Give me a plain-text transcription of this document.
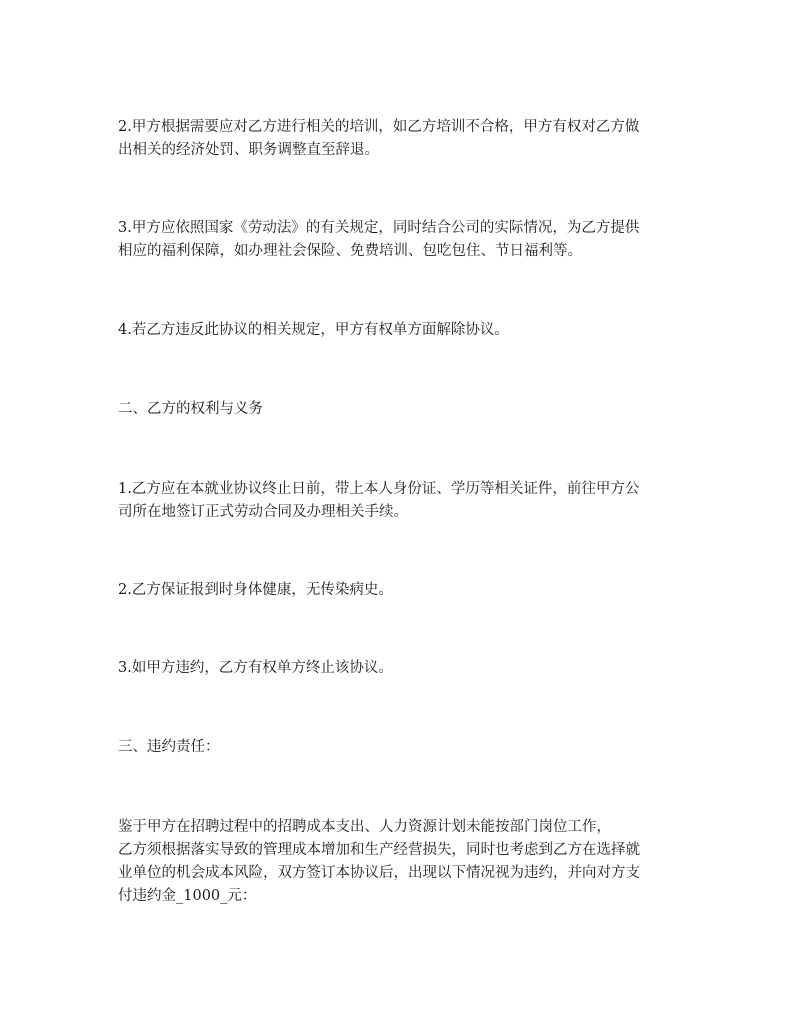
2.甲方根据需要应对乙方进行相关的培训，如乙方培训不合格，甲方有权对乙方做
出相关的经济处罚、职务调整直至辞退。
3.甲方应依照国家《劳动法》的有关规定，同时结合公司的实际情况，为乙方提供
相应的福利保障，如办理社会保险、免费培训、包吃包住、节日福利等。
4.若乙方违反此协议的相关规定，甲方有权单方面解除协议。
二、乙方的权利与义务
1.乙方应在本就业协议终止日前，带上本人身份证、学历等相关证件，前往甲方公
司所在地签订正式劳动合同及办理相关手续。
2.乙方保证报到时身体健康，无传染病史。
3.如甲方违约，乙方有权单方终止该协议。
三、违约责任：
鉴于甲方在招聘过程中的招聘成本支出、人力资源计划未能按部门岗位工作，
乙方须根据落实导致的管理成本增加和生产经营损失，同时也考虑到乙方在选择就
业单位的机会成本风险，双方签订本协议后，出现以下情况视为违约，并向对方支
付违约金_1000_元：
